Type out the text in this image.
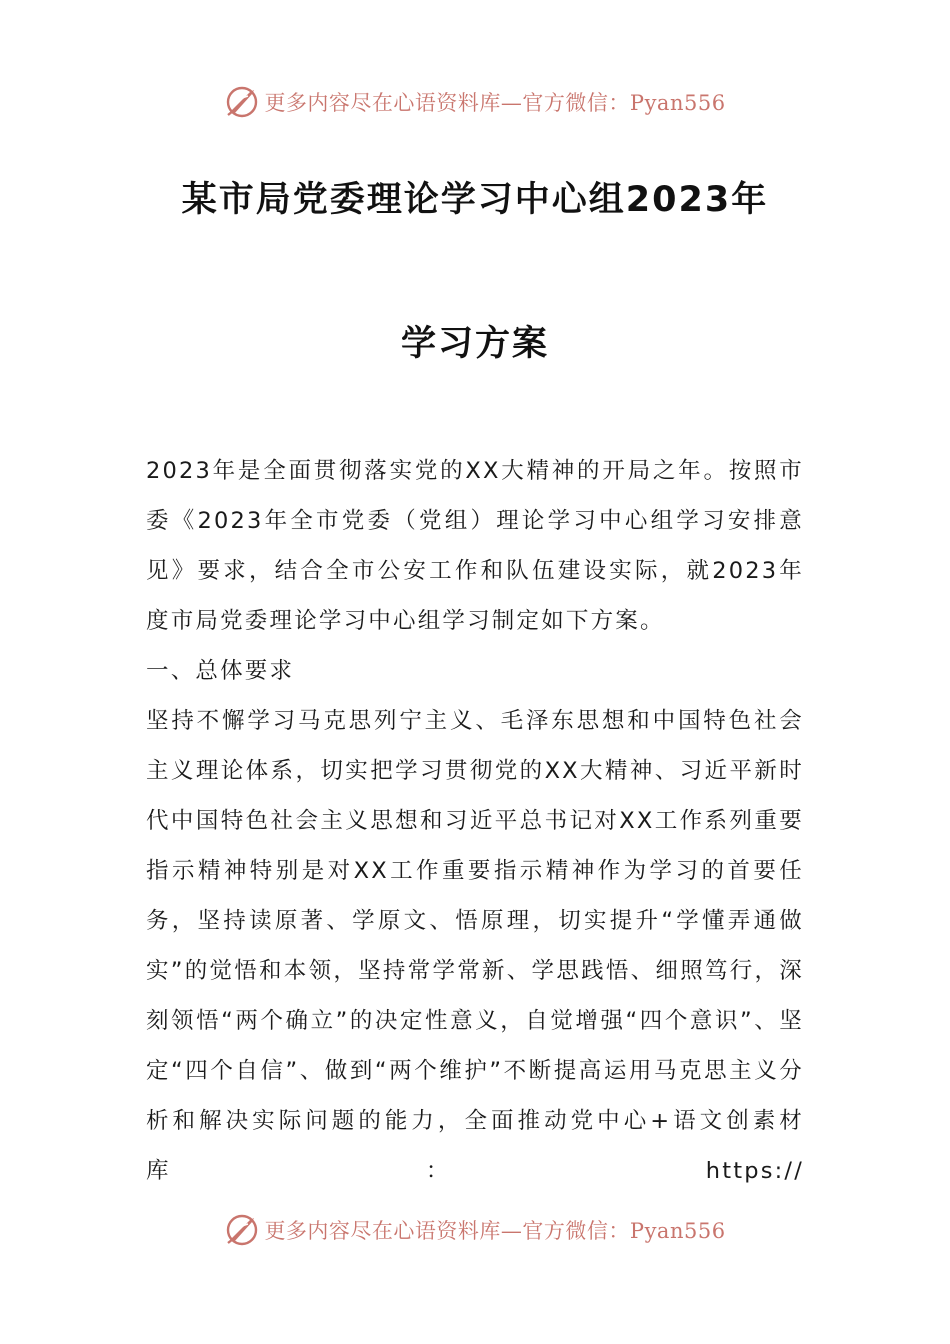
更多内容尽在心语资料库—官方微信：Pyan556
某市局党委理论学习中心组2023年
学习方案

2023年是全面贯彻落实党的XX大精神的开局之年。按照市委《2023年全市党委（党组）理论学习中心组学习安排意见》要求，结合全市公安工作和队伍建设实际，就2023年度市局党委理论学习中心组学习制定如下方案。

一、总体要求

坚持不懈学习马克思列宁主义、毛泽东思想和中国特色社会主义理论体系，切实把学习贯彻党的XX大精神、习近平新时代中国特色社会主义思想和习近平总书记对XX工作系列重要指示精神特别是对XX工作重要指示精神作为学习的首要任务，坚持读原著、学原文、悟原理，切实提升“学懂弄通做实”的觉悟和本领，坚持常学常新、学思践悟、细照笃行，深刻领悟“两个确立”的决定性意义，自觉增强“四个意识”、坚定“四个自信”、做到“两个维护”不断提高运用马克思主义分析和解决实际问题的能力，全面推动党中心+语文创素材库：https://

更多内容尽在心语资料库—官方微信：Pyan556
